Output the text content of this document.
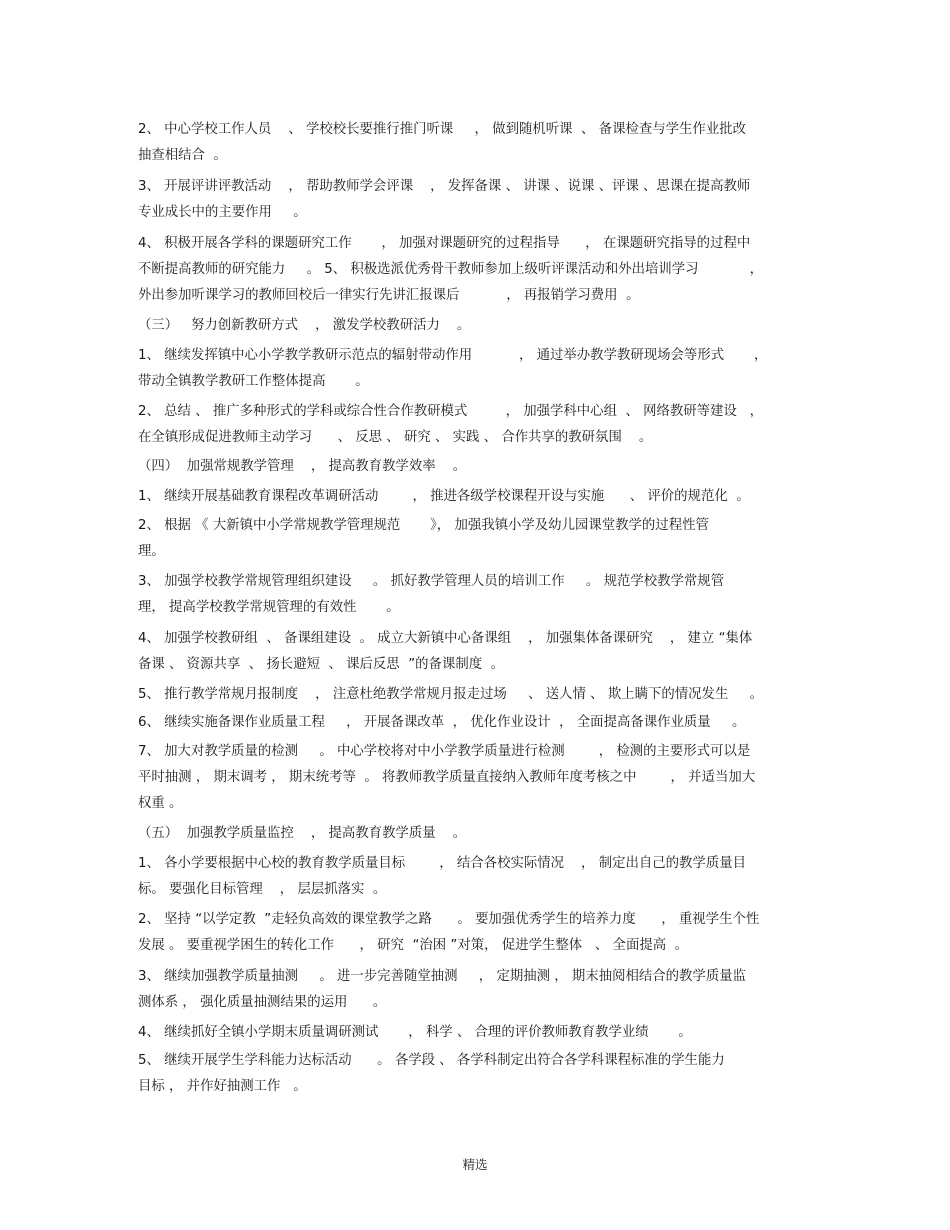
2、 中心学校工作人员    、 学校校长要推行推门听课     ， 做到随机听课  、 备课检查与学生作业批改
抽查相结合  。
3、 开展评讲评教活动    ， 帮助教师学会评课    ， 发挥备课 、 讲课 、说课 、评课 、思课在提高教师
专业成长中的主要作用     。
4、 积极开展各学科的课题研究工作       ， 加强对课题研究的过程指导      ， 在课题研究指导的过程中
不断提高教师的研究能力     。 5、 积极选派优秀骨干教师参加上级听评课活动和外出培训学习            ，
外出参加听课学习的教师回校后一律实行先讲汇报课后           ， 再报销学习费用  。
（三）   努力创新教研方式    ， 激发学校教研活力    。
1、 继续发挥镇中心小学教学教研示范点的辐射带动作用           ， 通过举办教学教研现场会等形式       ，
带动全镇教学教研工作整体提高       。
2、 总结 、 推广多种形式的学科或综合性合作教研模式         ， 加强学科中心组  、 网络教研等建设   ，
在全镇形成促进教师主动学习      、 反思 、 研究 、 实践 、 合作共享的教研氛围    。
（四）  加强常规教学管理    ， 提高教育教学效率    。
1、 继续开展基础教育课程改革调研活动        ， 推进各级学校课程开设与实施      、 评价的规范化  。
2、 根据 《 大新镇中小学常规教学管理规范       》， 加强我镇小学及幼儿园课堂教学的过程性管
理。
3、 加强学校教学常规管理组织建设     。 抓好教学管理人员的培训工作     。 规范学校教学常规管
理， 提高学校教学常规管理的有效性       。
4、 加强学校教研组  、 备课组建设  。 成立大新镇中心备课组    ， 加强集体备课研究    ， 建立 “集体
备课 、 资源共享  、 扬长避短  、 课后反思  ”的备课制度  。
5、 推行教学常规月报制度    ， 注意杜绝教学常规月报走过场     、 送人情 、 欺上瞒下的情况发生     。
6、 继续实施备课作业质量工程     ， 开展备课改革  ， 优化作业设计  ， 全面提高备课作业质量     。
7、 加大对教学质量的检测     。 中心学校将对中小学教学质量进行检测        ， 检测的主要形式可以是
平时抽测 ， 期末调考 ， 期末统考等  。 将教师教学质量直接纳入教师年度考核之中        ， 并适当加大
权重 。
（五）  加强教学质量监控    ， 提高教育教学质量    。
1、 各小学要根据中心校的教育教学质量目标        ， 结合各校实际情况    ， 制定出自己的教学质量目
标。 要强化目标管理    ， 层层抓落实  。
2、 坚持 “以学定教  ”走轻负高效的课堂教学之路      。 要加强优秀学生的培养力度      ， 重视学生个性
发展 。 要重视学困生的转化工作      ， 研究  “治困 ”对策， 促进学生整体   、 全面提高  。
3、 继续加强教学质量抽测     。 进一步完善随堂抽测     ， 定期抽测 ， 期末抽阅相结合的教学质量监
测体系 ， 强化质量抽测结果的运用      。
4、 继续抓好全镇小学期末质量调研测试       ， 科学 、 合理的评价教师教育教学业绩       。
5、 继续开展学生学科能力达标活动      。 各学段 、 各学科制定出符合各学科课程标准的学生能力
目标 ， 并作好抽测工作   。
精选
